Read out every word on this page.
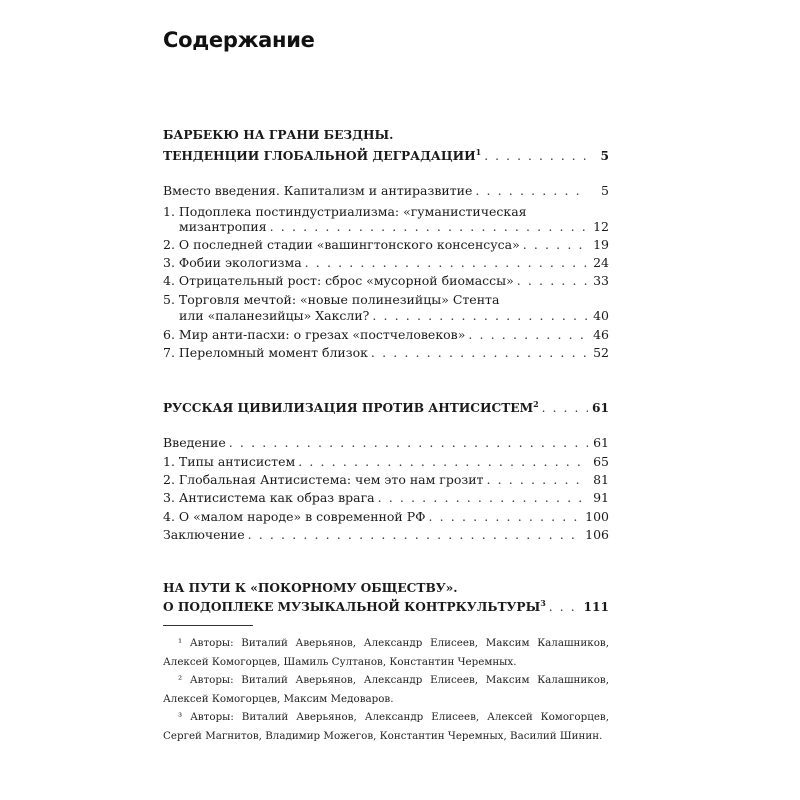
Содержание
БАРБЕКЮ НА ГРАНИ БЕЗДНЫ.
ТЕНДЕНЦИИ ГЛОБАЛЬНОЙ ДЕГРАДАЦИИ$^1$ . . .	5
Вместо введения. Капитализм и антиразвитие . . .	5
1. Подоплека постиндустриализма: «гуманистическая
мизантропия . . .	12
2. О последней стадии «вашингтонского консенсуса» . . .	19
3. Фобии экологизма . . .	24
4. Отрицательный рост: сброс «мусорной биомассы» . . .	33
5. Торговля мечтой: «новые полинезийцы» Стента
или «паланезийцы» Хаксли? . . .	40
6. Мир анти-пасхи: о грезах «постчеловеков» . . .	46
7. Переломный момент близок . . .	52
РУССКАЯ ЦИВИЛИЗАЦИЯ ПРОТИВ АНТИСИСТЕМ$^2$ . . .	61
Введение . . .	61
1. Типы антисистем . . .	65
2. Глобальная Антисистема: чем это нам грозит . . .	81
3. Антисистема как образ врага . . .	91
4. О «малом народе» в современной РФ . . .	100
Заключение . . .	106
НА ПУТИ К «ПОКОРНОМУ ОБЩЕСТВУ».
О ПОДОПЛЕКЕ МУЗЫКАЛЬНОЙ КОНТРКУЛЬТУРЫ$^3$ . . .	111
¹ Авторы: Виталий Аверьянов, Александр Елисеев, Максим Калашников, Алексей Комогорцев, Шамиль Султанов, Константин Черемных.
² Авторы: Виталий Аверьянов, Александр Елисеев, Максим Калашников, Алексей Комогорцев, Максим Медоваров.
³ Авторы: Виталий Аверьянов, Александр Елисеев, Алексей Комогорцев, Сергей Магнитов, Владимир Можегов, Константин Черемных, Василий Шинин.
